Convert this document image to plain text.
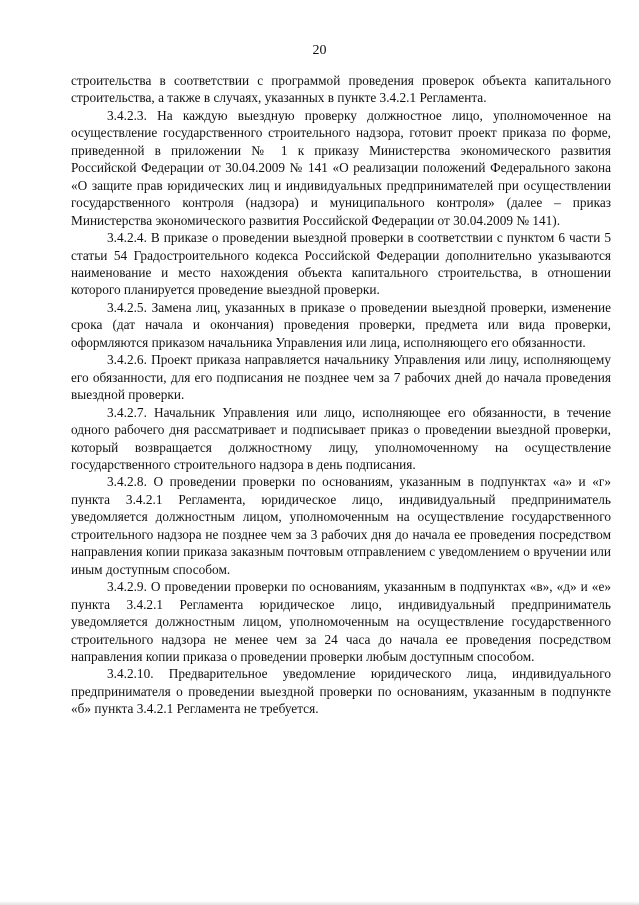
20

строительства в соответствии с программой проведения проверок объекта капитального строительства, а также в случаях, указанных в пункте 3.4.2.1 Регламента.

3.4.2.3. На каждую выездную проверку должностное лицо, уполномоченное на осуществление государственного строительного надзора, готовит проект приказа по форме, приведенной в приложении № 1 к приказу Министерства экономического развития Российской Федерации от 30.04.2009 № 141 «О реализации положений Федерального закона «О защите прав юридических лиц и индивидуальных предпринимателей при осуществлении государственного контроля (надзора) и муниципального контроля» (далее – приказ Министерства экономического развития Российской Федерации от 30.04.2009 № 141).

3.4.2.4. В приказе о проведении выездной проверки в соответствии с пунктом 6 части 5 статьи 54 Градостроительного кодекса Российской Федерации дополнительно указываются наименование и место нахождения объекта капитального строительства, в отношении которого планируется проведение выездной проверки.

3.4.2.5. Замена лиц, указанных в приказе о проведении выездной проверки, изменение срока (дат начала и окончания) проведения проверки, предмета или вида проверки, оформляются приказом начальника Управления или лица, исполняющего его обязанности.

3.4.2.6. Проект приказа направляется начальнику Управления или лицу, исполняющему его обязанности, для его подписания не позднее чем за 7 рабочих дней до начала проведения выездной проверки.

3.4.2.7. Начальник Управления или лицо, исполняющее его обязанности, в течение одного рабочего дня рассматривает и подписывает приказ о проведении выездной проверки, который возвращается должностному лицу, уполномоченному на осуществление государственного строительного надзора в день подписания.

3.4.2.8. О проведении проверки по основаниям, указанным в подпунктах «а» и «г» пункта 3.4.2.1 Регламента, юридическое лицо, индивидуальный предприниматель уведомляется должностным лицом, уполномоченным на осуществление государственного строительного надзора не позднее чем за 3 рабочих дня до начала ее проведения посредством направления копии приказа заказным почтовым отправлением с уведомлением о вручении или иным доступным способом.

3.4.2.9. О проведении проверки по основаниям, указанным в подпунктах «в», «д» и «е» пункта 3.4.2.1 Регламента юридическое лицо, индивидуальный предприниматель уведомляется должностным лицом, уполномоченным на осуществление государственного строительного надзора не менее чем за 24 часа до начала ее проведения посредством направления копии приказа о проведении проверки любым доступным способом.

3.4.2.10. Предварительное уведомление юридического лица, индивидуального предпринимателя о проведении выездной проверки по основаниям, указанным в подпункте «б» пункта 3.4.2.1 Регламента не требуется.
